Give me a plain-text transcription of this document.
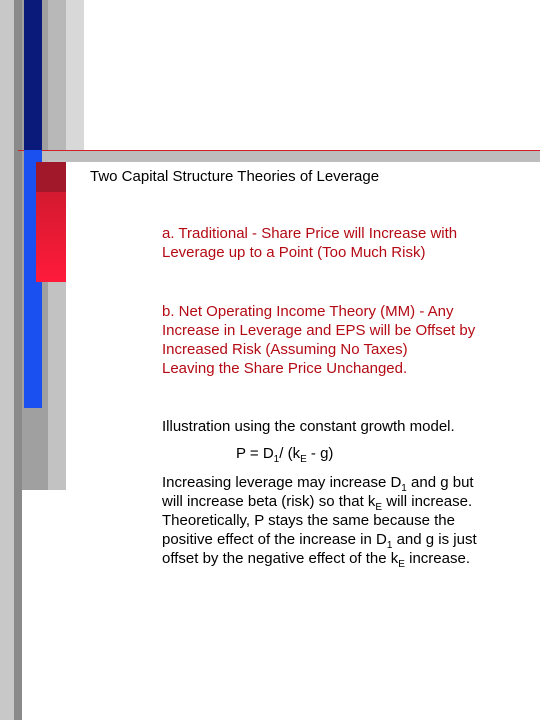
Two Capital Structure Theories of Leverage

a. Traditional - Share Price will Increase with
Leverage up to a Point (Too Much Risk)
b. Net Operating Income Theory (MM) - Any
Increase in Leverage and EPS will be Offset by
Increased Risk (Assuming No Taxes)
Leaving the Share Price Unchanged.

Illustration using the constant growth model.

$P = D_1/$ $(k_E - g)$

Increasing leverage may increase $D_1$ and g but
will increase beta (risk) so that $k_E$ will increase.
Theoretically, P stays the same because the
positive effect of the increase in $D_1$ and g is just
offset by the negative effect of the $k_E$ increase.
